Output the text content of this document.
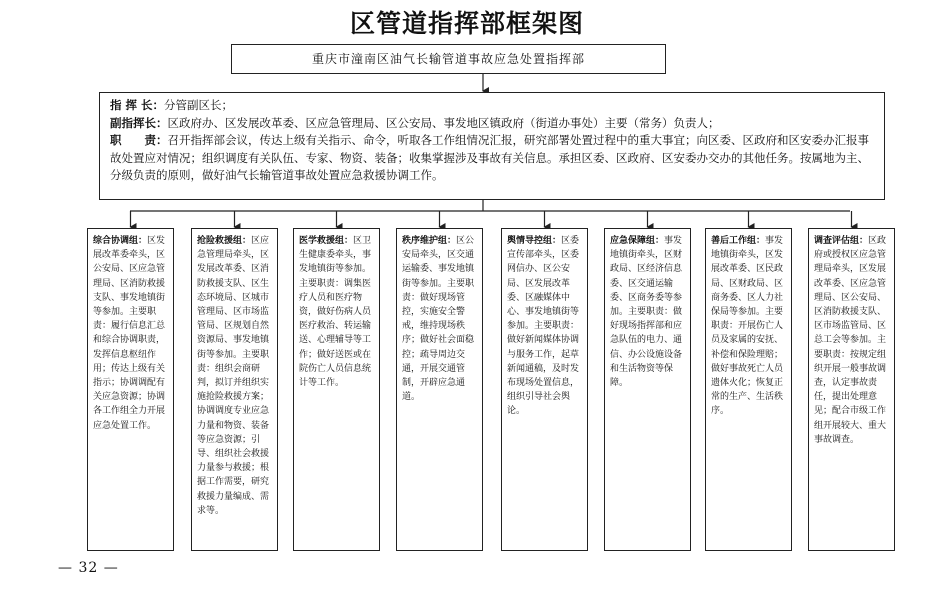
区管道指挥部框架图
重庆市潼南区油气长输管道事故应急处置指挥部

指 挥 长：分管副区长；

副指挥长：区政府办、区发展改革委、区应急管理局、区公安局、事发地区镇政府（街道办事处）主要（常务）负责人；

职　　责：召开指挥部会议，传达上级有关指示、命令，听取各工作组情况汇报，研究部署处置过程中的重大事宜；向区委、区政府和区安委办汇报事故处置应对情况；组织调度有关队伍、专家、物资、装备；收集掌握涉及事故有关信息。承担区委、区政府、区安委办交办的其他任务。按属地为主、分级负责的原则，做好油气长输管道事故处置应急救援协调工作。

综合协调组：区发展改革委牵头，区公安局、区应急管理局、区消防救援支队、事发地镇街等参加。主要职责：履行信息汇总和综合协调职责，发挥信息枢纽作用；传达上级有关指示；协调调配有关应急资源；协调各工作组全力开展应急处置工作。
抢险救援组：区应急管理局牵头，区发展改革委、区消防救援支队、区生态环境局、区城市管理局、区市场监管局、区规划自然资源局、事发地镇街等参加。主要职责：组织会商研判，拟订并组织实施抢险救援方案；协调调度专业应急力量和物资、装备等应急资源；引导、组织社会救援力量参与救援；根据工作需要，研究救援力量编成、需求等。
医学救援组：区卫生健康委牵头，事发地镇街等参加。主要职责：调集医疗人员和医疗物资，做好伤病人员医疗救治、转运输送、心理辅导等工作；做好送医或在院伤亡人员信息统计等工作。
秩序维护组：区公安局牵头，区交通运输委、事发地镇街等参加。主要职责：做好现场管控，实施安全警戒，维持现场秩序；做好社会面稳控；疏导周边交通，开展交通管制，开辟应急通道。
舆情导控组：区委宣传部牵头，区委网信办、区公安局、区发展改革委、区融媒体中心、事发地镇街等参加。主要职责：做好新闻媒体协调与服务工作，起草新闻通稿，及时发布现场处置信息，组织引导社会舆论。
应急保障组：事发地镇街牵头，区财政局、区经济信息委、区交通运输委、区商务委等参加。主要职责：做好现场指挥部和应急队伍的电力、通信、办公设施设备和生活物资等保障。
善后工作组：事发地镇街牵头，区发展改革委、区民政局、区财政局、区商务委、区人力社保局等参加。主要职责：开展伤亡人员及家属的安抚、补偿和保险理赔；做好事故死亡人员遗体火化；恢复正常的生产、生活秩序。
调查评估组：区政府或授权区应急管理局牵头，区发展改革委、区应急管理局、区公安局、区消防救援支队、区市场监管局、区总工会等参加。主要职责：按规定组织开展一般事故调查，认定事故责任，提出处理意见；配合市级工作组开展较大、重大事故调查。
— 32 —
